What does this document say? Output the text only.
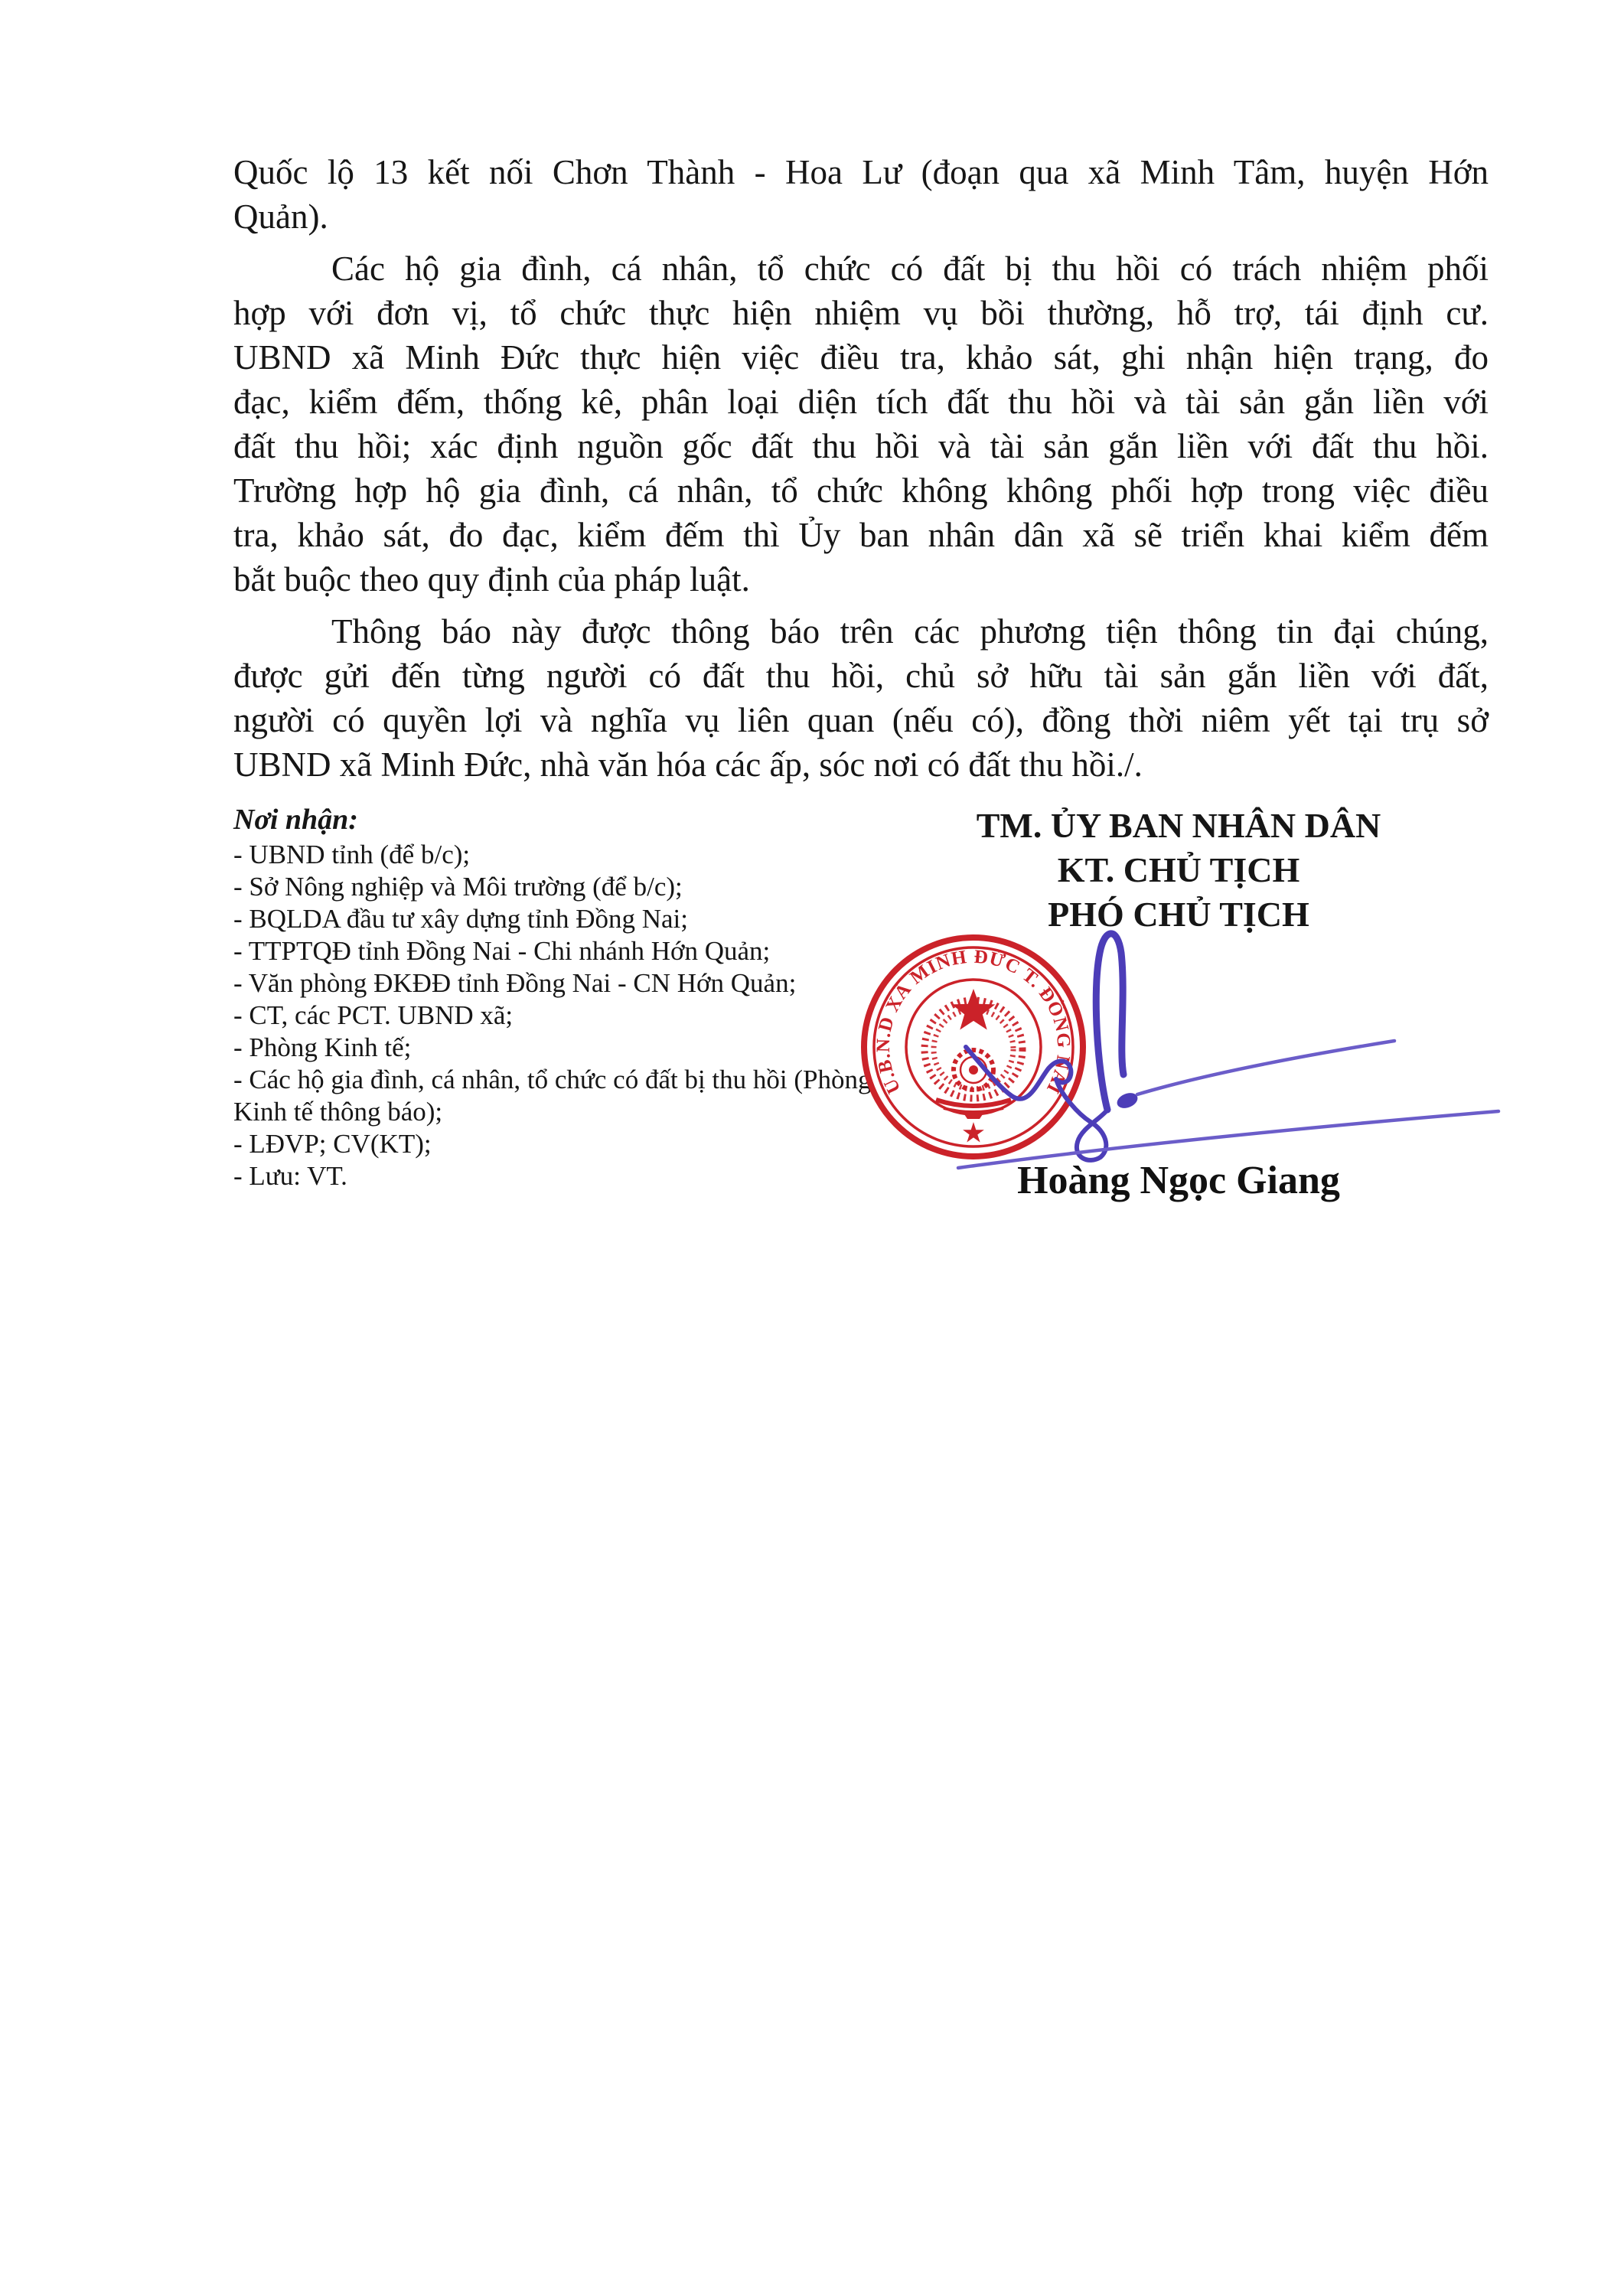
Quốc lộ 13 kết nối Chơn Thành - Hoa Lư (đoạn qua xã Minh Tâm, huyện Hớn
Quản).
Các hộ gia đình, cá nhân, tổ chức có đất bị thu hồi có trách nhiệm phối
hợp với đơn vị, tổ chức thực hiện nhiệm vụ bồi thường, hỗ trợ, tái định cư.
UBND xã Minh Đức thực hiện việc điều tra, khảo sát, ghi nhận hiện trạng, đo
đạc, kiểm đếm, thống kê, phân loại diện tích đất thu hồi và tài sản gắn liền với
đất thu hồi; xác định nguồn gốc đất thu hồi và tài sản gắn liền với đất thu hồi.
Trường hợp hộ gia đình, cá nhân, tổ chức không không phối hợp trong việc điều
tra, khảo sát, đo đạc, kiểm đếm thì Ủy ban nhân dân xã sẽ triển khai kiểm đếm
bắt buộc theo quy định của pháp luật.
Thông báo này được thông báo trên các phương tiện thông tin đại chúng,
được gửi đến từng người có đất thu hồi, chủ sở hữu tài sản gắn liền với đất,
người có quyền lợi và nghĩa vụ liên quan (nếu có), đồng thời niêm yết tại trụ sở
UBND xã Minh Đức, nhà văn hóa các ấp, sóc nơi có đất thu hồi./.
Nơi nhận:
- UBND tỉnh (để b/c);
- Sở Nông nghiệp và Môi trường (để b/c);
- BQLDA đầu tư xây dựng tỉnh Đồng Nai;
- TTPTQĐ tỉnh Đồng Nai - Chi nhánh Hớn Quản;
- Văn phòng ĐKĐĐ tỉnh Đồng Nai - CN Hớn Quản;
- CT, các PCT. UBND xã;
- Phòng Kinh tế;
- Các hộ gia đình, cá nhân, tổ chức có đất bị thu hồi (Phòng Kinh tế thông báo);
- LĐVP; CV(KT);
- Lưu: VT.
TM. ỦY BAN NHÂN DÂN
KT. CHỦ TỊCH
PHÓ CHỦ TỊCH
U.B.N.D XÃ MINH ĐỨC T. ĐỒNG NAI
★
Hoàng Ngọc Giang
